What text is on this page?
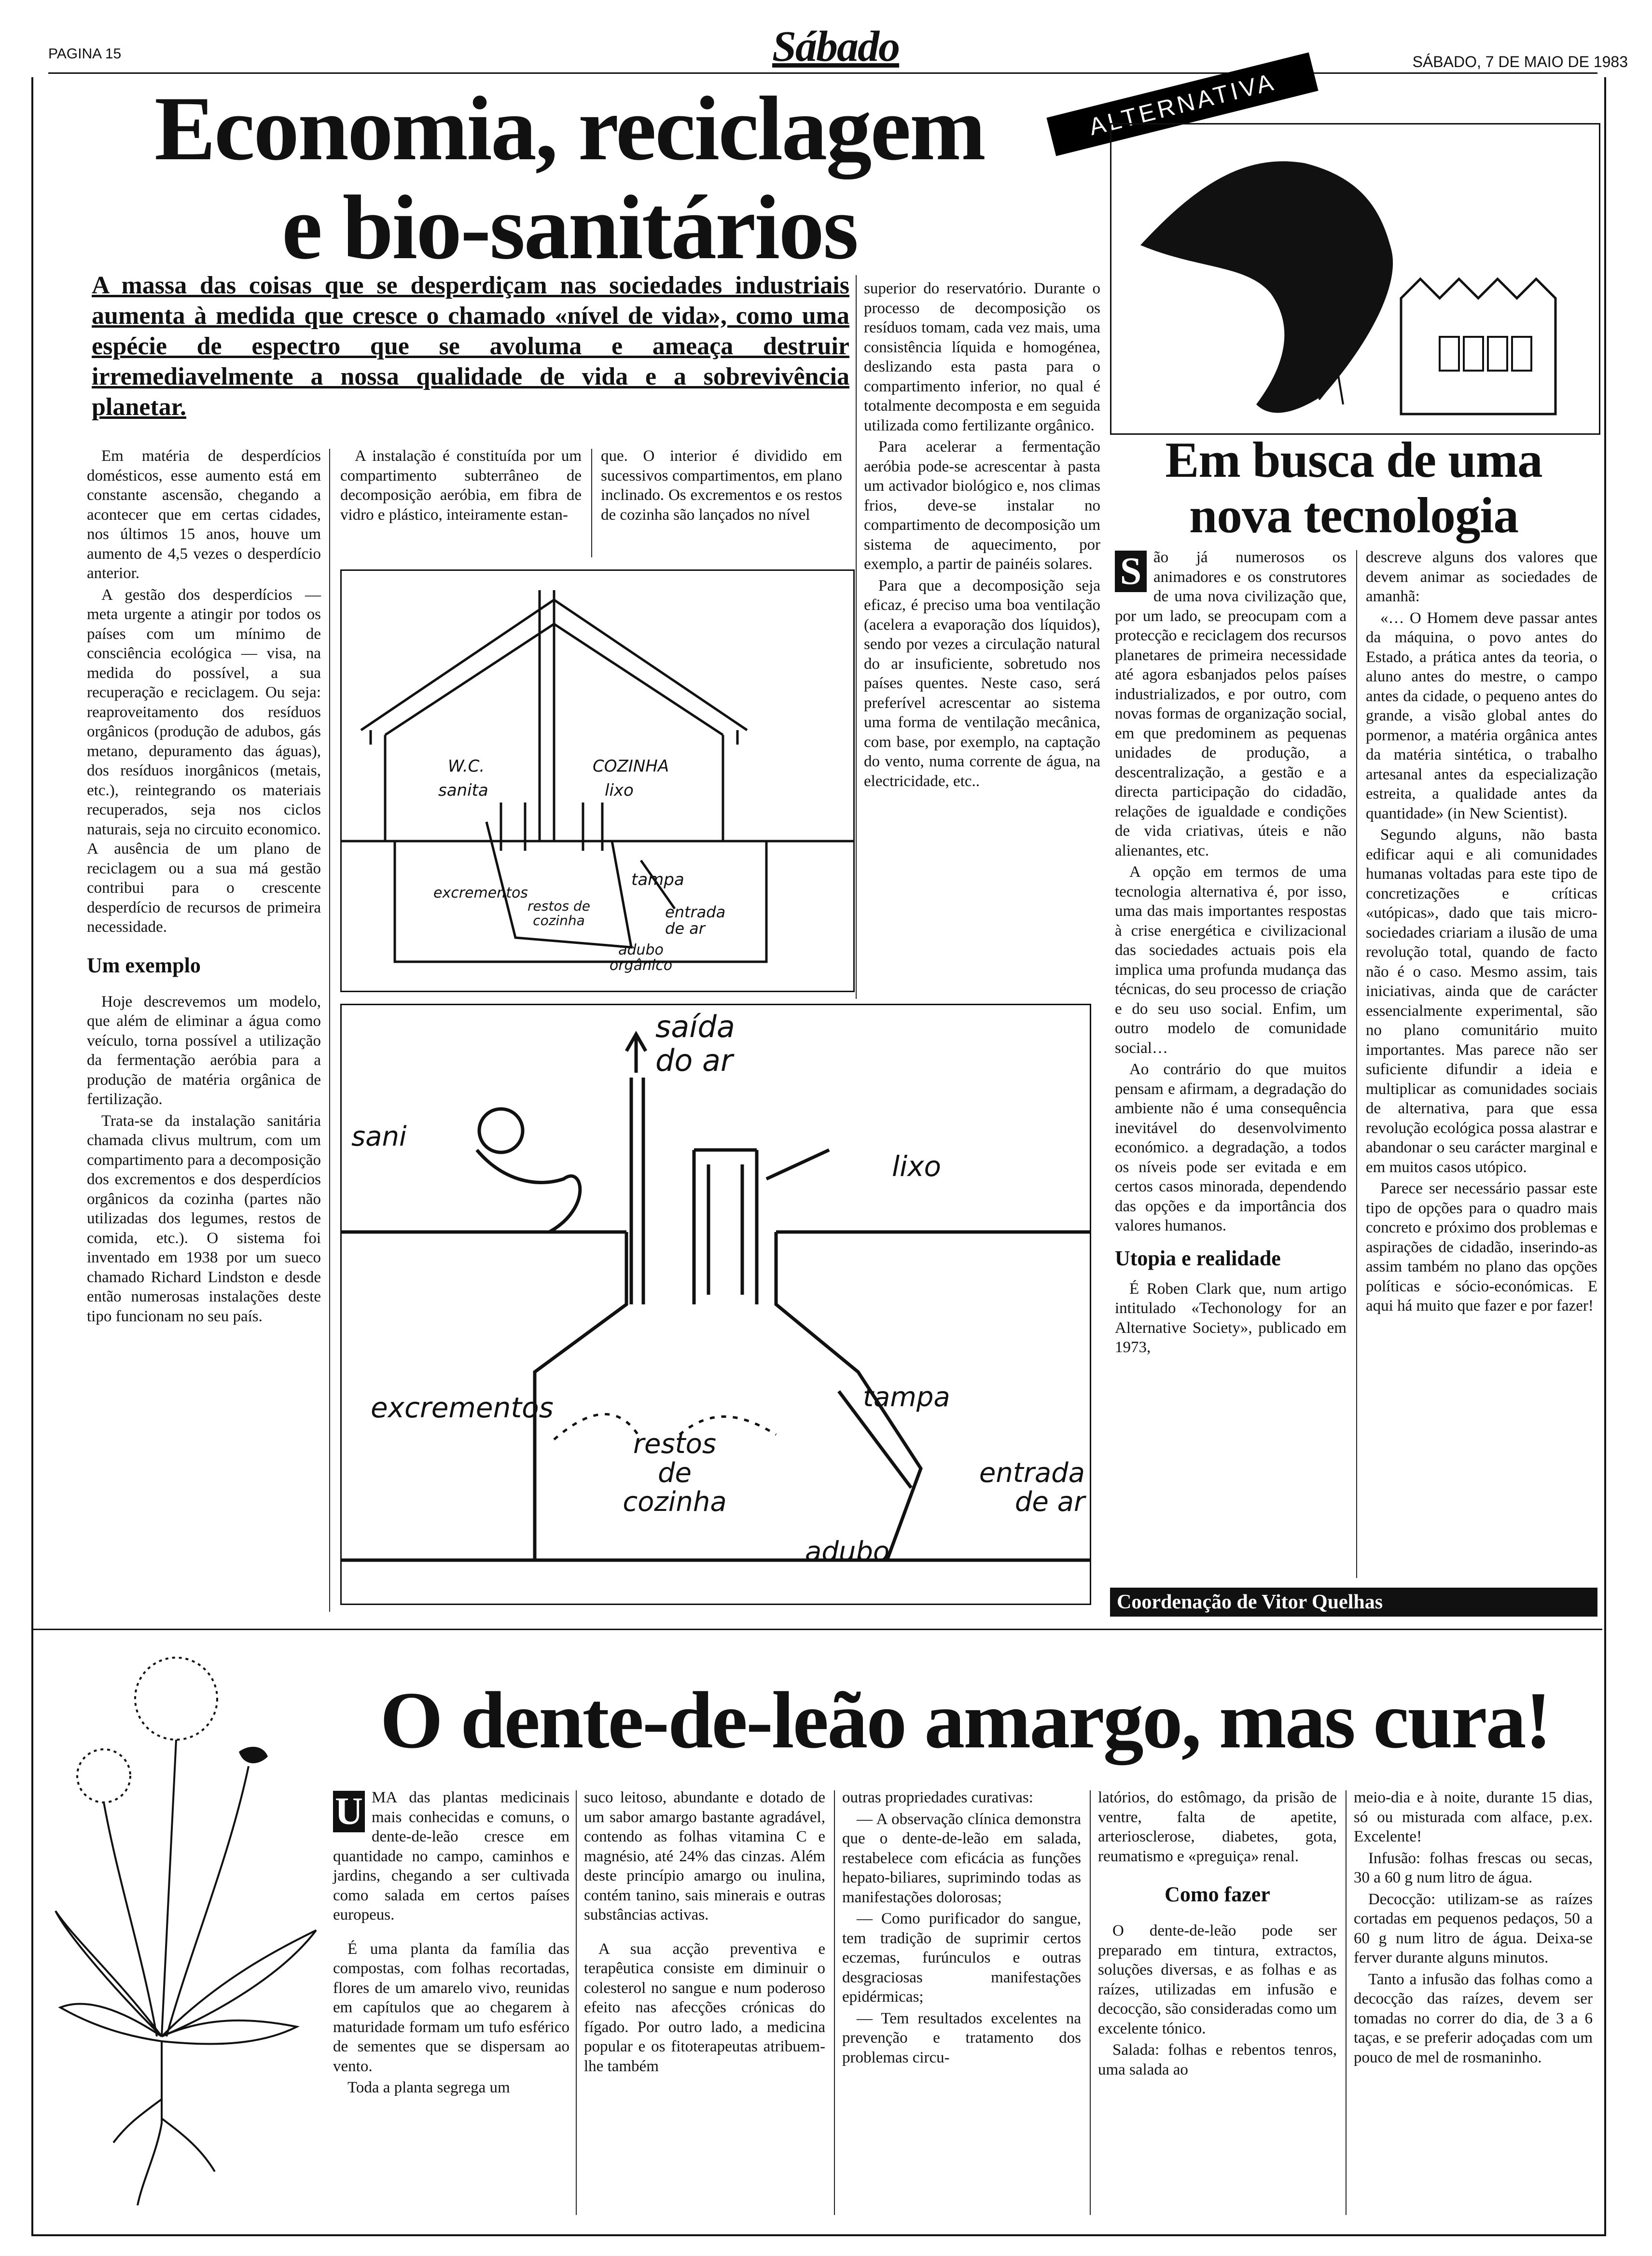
PAGINA 15	Sábado	SÁBADO, 7 DE MAIO DE 1983
Economia, reciclagem
e bio-sanitários
ALTERNATIVA
A massa das coisas que se desperdiçam nas sociedades industriais aumenta à medida que cresce o chamado «nível de vida», como uma espécie de espectro que se avoluma e ameaça destruir irremediavelmente a nossa qualidade de vida e a sobrevivência planetar.

Em matéria de desperdícios domésticos, esse aumento está em constante ascensão, chegando a acontecer que em certas cidades, nos últimos 15 anos, houve um aumento de 4,5 vezes o desperdício anterior.

A gestão dos desperdícios — meta urgente a atingir por todos os países com um mínimo de consciência ecológica — visa, na medida do possível, a sua recuperação e reciclagem. Ou seja: reaproveitamento dos resíduos orgânicos (produção de adubos, gás metano, depuramento das águas), dos resíduos inorgânicos (metais, etc.), reintegrando os materiais recuperados, seja nos ciclos naturais, seja no circuito economico. A ausência de um plano de reciclagem ou a sua má gestão contribui para o crescente desperdício de recursos de primeira necessidade.

Um exemplo

Hoje descrevemos um modelo, que além de eliminar a água como veículo, torna possível a utilização da fermentação aeróbia para a produção de matéria orgânica de fertilização.

Trata-se da instalação sanitária chamada clivus multrum, com um compartimento para a decomposição dos excrementos e dos desperdícios orgânicos da cozinha (partes não utilizadas dos legumes, restos de comida, etc.). O sistema foi inventado em 1938 por um sueco chamado Richard Lindston e desde então numerosas instalações deste tipo funcionam no seu país.

A instalação é constituída por um compartimento subterrâneo de decomposição aeróbia, em fibra de vidro e plástico, inteiramente estan-

que. O interior é dividido em sucessivos compartimentos, em plano inclinado. Os excrementos e os restos de cozinha são lançados no nível

superior do reservatório. Durante o processo de decomposição os resíduos tomam, cada vez mais, uma consistência líquida e homogénea, deslizando esta pasta para o compartimento inferior, no qual é totalmente decomposta e em seguida utilizada como fertilizante orgânico.

Para acelerar a fermentação aeróbia pode-se acrescentar à pasta um activador biológico e, nos climas frios, deve-se instalar no compartimento de decomposição um sistema de aquecimento, por exemplo, a partir de painéis solares.

Para que a decomposição seja eficaz, é preciso uma boa ventilação (acelera a evaporação dos líquidos), sendo por vezes a circulação natural do ar insuficiente, sobretudo nos países quentes. Neste caso, será preferível acrescentar ao sistema uma forma de ventilação mecânica, com base, por exemplo, na captação do vento, numa corrente de água, na electricidade, etc..

W.C.
sanita
COZINHA
lixo
excrementos
restos de cozinha
tampa
entrada de ar
adubo orgânico
saída do ar
sani
lixo
excrementos
restos de cozinha
tampa
entrada de ar
adubo
Em busca de uma
nova tecnologia

S ão já numerosos os animadores e os construtores de uma nova civilização que, por um lado, se preocupam com a protecção e reciclagem dos recursos planetares de primeira necessidade até agora esbanjados pelos países industrializados, e por outro, com novas formas de organização social, em que predominem as pequenas unidades de produção, a descentralização, a gestão e a directa participação do cidadão, relações de igualdade e condições de vida criativas, úteis e não alienantes, etc.

A opção em termos de uma tecnologia alternativa é, por isso, uma das mais importantes respostas à crise energética e civilizacional das sociedades actuais pois ela implica uma profunda mudança das técnicas, do seu processo de criação e do seu uso social. Enfim, um outro modelo de comunidade social…

Ao contrário do que muitos pensam e afirmam, a degradação do ambiente não é uma consequência inevitável do desenvolvimento económico. a degradação, a todos os níveis pode ser evitada e em certos casos minorada, dependendo das opções e da importância dos valores humanos.

Utopia e realidade

É Roben Clark que, num artigo intitulado «Techonology for an Alternative Society», publicado em 1973,

descreve alguns dos valores que devem animar as sociedades de amanhã:

«… O Homem deve passar antes da máquina, o povo antes do Estado, a prática antes da teoria, o aluno antes do mestre, o campo antes da cidade, o pequeno antes do grande, a visão global antes do pormenor, a matéria orgânica antes da matéria sintética, o trabalho artesanal antes da especialização estreita, a qualidade antes da quantidade» (in New Scientist).

Segundo alguns, não basta edificar aqui e ali comunidades humanas voltadas para este tipo de concretizações e críticas «utópicas», dado que tais micro-sociedades criariam a ilusão de uma revolução total, quando de facto não é o caso. Mesmo assim, tais iniciativas, ainda que de carácter essencialmente experimental, são no plano comunitário muito importantes. Mas parece não ser suficiente difundir a ideia e multiplicar as comunidades sociais de alternativa, para que essa revolução ecológica possa alastrar e abandonar o seu carácter marginal e em muitos casos utópico.

Parece ser necessário passar este tipo de opções para o quadro mais concreto e próximo dos problemas e aspirações de cidadão, inserindo-as assim também no plano das opções políticas e sócio-económicas. E aqui há muito que fazer e por fazer!

Coordenação de Vitor Quelhas
O dente-de-leão amargo, mas cura!

U MA das plantas medicinais mais conhecidas e comuns, o dente-de-leão cresce em quantidade no campo, caminhos e jardins, chegando a ser cultivada como salada em certos países europeus.

É uma planta da família das compostas, com folhas recortadas, flores de um amarelo vivo, reunidas em capítulos que ao chegarem à maturidade formam um tufo esférico de sementes que se dispersam ao vento.

Toda a planta segrega um

suco leitoso, abundante e dotado de um sabor amargo bastante agradável, contendo as folhas vitamina C e magnésio, até 24% das cinzas. Além deste princípio amargo ou inulina, contém tanino, sais minerais e outras substâncias activas.

A sua acção preventiva e terapêutica consiste em diminuir o colesterol no sangue e num poderoso efeito nas afecções crónicas do fígado. Por outro lado, a medicina popular e os fitoterapeutas atribuem-lhe também

outras propriedades curativas:

— A observação clínica demonstra que o dente-de-leão em salada, restabelece com eficácia as funções hepato-biliares, suprimindo todas as manifestações dolorosas;

— Como purificador do sangue, tem tradição de suprimir certos eczemas, furúnculos e outras desgraciosas manifestações epidérmicas;

— Tem resultados excelentes na prevenção e tratamento dos problemas circu-

latórios, do estômago, da prisão de ventre, falta de apetite, arteriosclerose, diabetes, gota, reumatismo e «preguiça» renal.

Como fazer

O dente-de-leão pode ser preparado em tintura, extractos, soluções diversas, e as folhas e as raízes, utilizadas em infusão e decocção, são consideradas como um excelente tónico.

Salada: folhas e rebentos tenros, uma salada ao

meio-dia e à noite, durante 15 dias, só ou misturada com alface, p.ex. Excelente!

Infusão: folhas frescas ou secas, 30 a 60 g num litro de água.

Decocção: utilizam-se as raízes cortadas em pequenos pedaços, 50 a 60 g num litro de água. Deixa-se ferver durante alguns minutos.

Tanto a infusão das folhas como a decocção das raízes, devem ser tomadas no correr do dia, de 3 a 6 taças, e se preferir adoçadas com um pouco de mel de rosmaninho.
